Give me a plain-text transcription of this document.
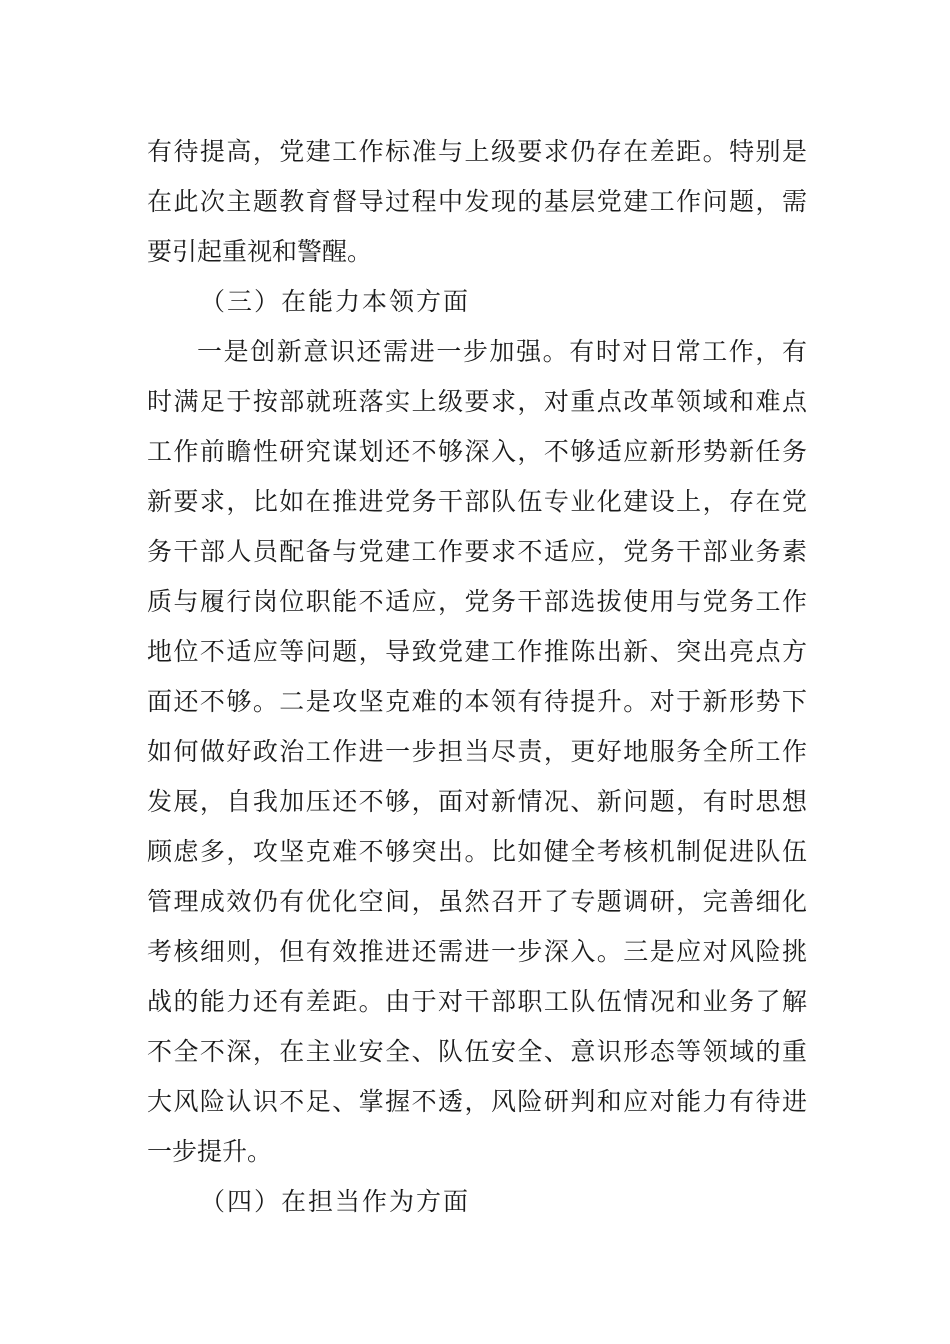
有待提高，党建工作标准与上级要求仍存在差距。特别是
在此次主题教育督导过程中发现的基层党建工作问题，需
要引起重视和警醒。
（三）在能力本领方面
一是创新意识还需进一步加强。有时对日常工作，有
时满足于按部就班落实上级要求，对重点改革领域和难点
工作前瞻性研究谋划还不够深入，不够适应新形势新任务
新要求，比如在推进党务干部队伍专业化建设上，存在党
务干部人员配备与党建工作要求不适应，党务干部业务素
质与履行岗位职能不适应，党务干部选拔使用与党务工作
地位不适应等问题，导致党建工作推陈出新、突出亮点方
面还不够。二是攻坚克难的本领有待提升。对于新形势下
如何做好政治工作进一步担当尽责，更好地服务全所工作
发展，自我加压还不够，面对新情况、新问题，有时思想
顾虑多，攻坚克难不够突出。比如健全考核机制促进队伍
管理成效仍有优化空间，虽然召开了专题调研，完善细化
考核细则，但有效推进还需进一步深入。三是应对风险挑
战的能力还有差距。由于对干部职工队伍情况和业务了解
不全不深，在主业安全、队伍安全、意识形态等领域的重
大风险认识不足、掌握不透，风险研判和应对能力有待进
一步提升。
（四）在担当作为方面
